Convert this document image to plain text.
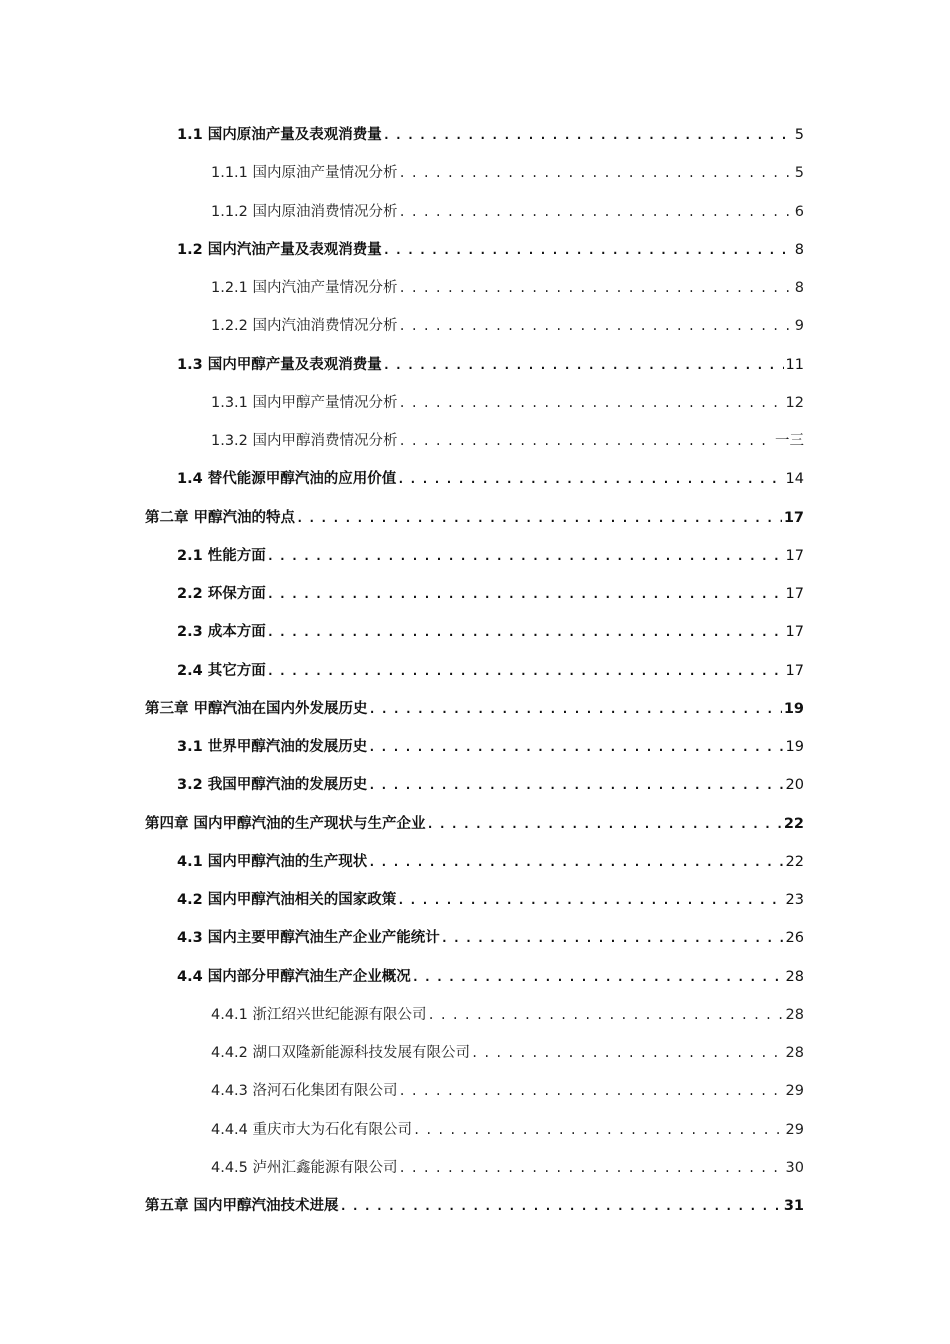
1.1 国内原油产量及表观消费量 . . .	5
1.1.1 国内原油产量情况分析 . . .	5
1.1.2 国内原油消费情况分析 . . .	6
1.2 国内汽油产量及表观消费量 . . .	8
1.2.1 国内汽油产量情况分析 . . .	8
1.2.2 国内汽油消费情况分析 . . .	9
1.3 国内甲醇产量及表观消费量 . . .	11
1.3.1 国内甲醇产量情况分析 . . .	12
1.3.2 国内甲醇消费情况分析 . . .	一三
1.4 替代能源甲醇汽油的应用价值 . . .	14
第二章 甲醇汽油的特点 . . .	17
2.1 性能方面 . . .	17
2.2 环保方面 . . .	17
2.3 成本方面 . . .	17
2.4 其它方面 . . .	17
第三章 甲醇汽油在国内外发展历史 . . .	19
3.1 世界甲醇汽油的发展历史 . . .	19
3.2 我国甲醇汽油的发展历史 . . .	20
第四章 国内甲醇汽油的生产现状与生产企业 . . .	22
4.1 国内甲醇汽油的生产现状 . . .	22
4.2 国内甲醇汽油相关的国家政策 . . .	23
4.3 国内主要甲醇汽油生产企业产能统计 . . .	26
4.4 国内部分甲醇汽油生产企业概况 . . .	28
4.4.1 浙江绍兴世纪能源有限公司 . . .	28
4.4.2 湖口双隆新能源科技发展有限公司 . . .	28
4.4.3 洛河石化集团有限公司 . . .	29
4.4.4 重庆市大为石化有限公司 . . .	29
4.4.5 泸州汇鑫能源有限公司 . . .	30
第五章 国内甲醇汽油技术进展 . . .	31
